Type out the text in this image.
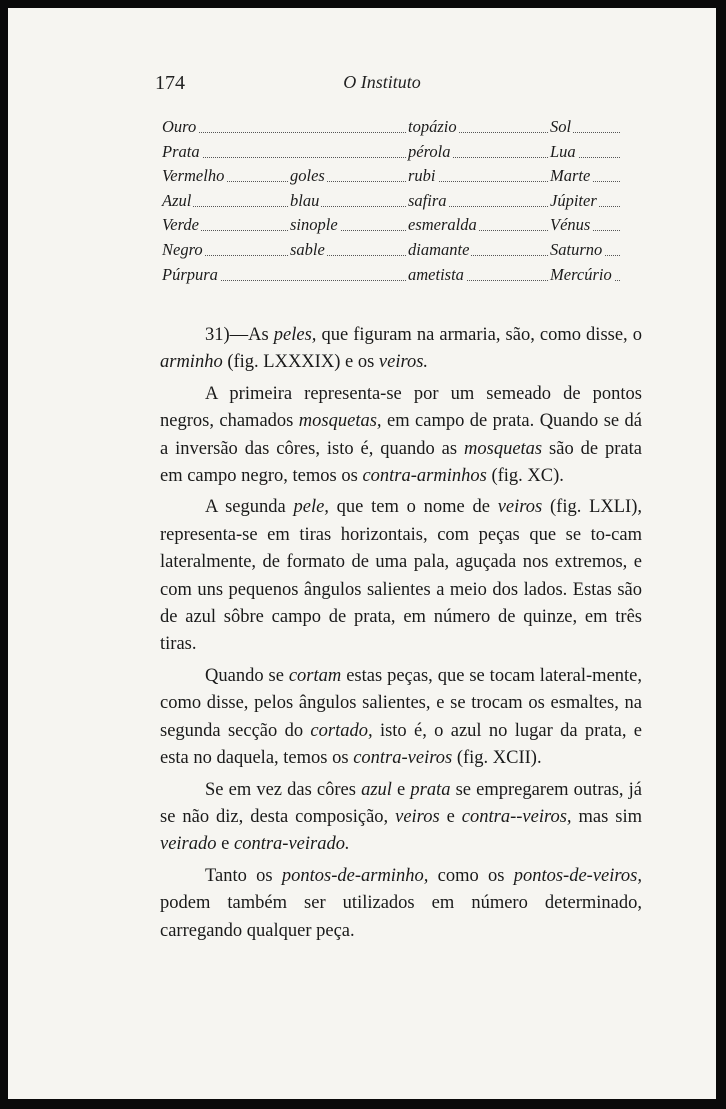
174	O Instituto
Ouro	topázio	Sol
Prata	pérola	Lua
Vermelho	goles	rubi	Marte
Azul	blau	safira	Júpiter
Verde	sinople	esmeralda	Vénus
Negro	sable	diamante	Saturno
Púrpura	ametista	Mercúrio

31)—As peles, que figuram na armaria, são, como disse, o arminho (fig. LXXXIX) e os veiros.

A primeira representa-se por um semeado de pontos negros, chamados mosquetas, em campo de prata. Quando se dá a inversão das côres, isto é, quando as mosquetas são de prata em campo negro, temos os contra-arminhos (fig. XC).

A segunda pele, que tem o nome de veiros (fig. LXLI), representa-se em tiras horizontais, com peças que se to-cam lateralmente, de formato de uma pala, aguçada nos extremos, e com uns pequenos ângulos salientes a meio dos lados. Estas são de azul sôbre campo de prata, em número de quinze, em três tiras.

Quando se cortam estas peças, que se tocam lateral-mente, como disse, pelos ângulos salientes, e se trocam os esmaltes, na segunda secção do cortado, isto é, o azul no lugar da prata, e esta no daquela, temos os contra-veiros (fig. XCII).

Se em vez das côres azul e prata se empregarem outras, já se não diz, desta composição, veiros e contra--veiros, mas sim veirado e contra-veirado.

Tanto os pontos-de-arminho, como os pontos-de-veiros, podem também ser utilizados em número determinado, carregando qualquer peça.
